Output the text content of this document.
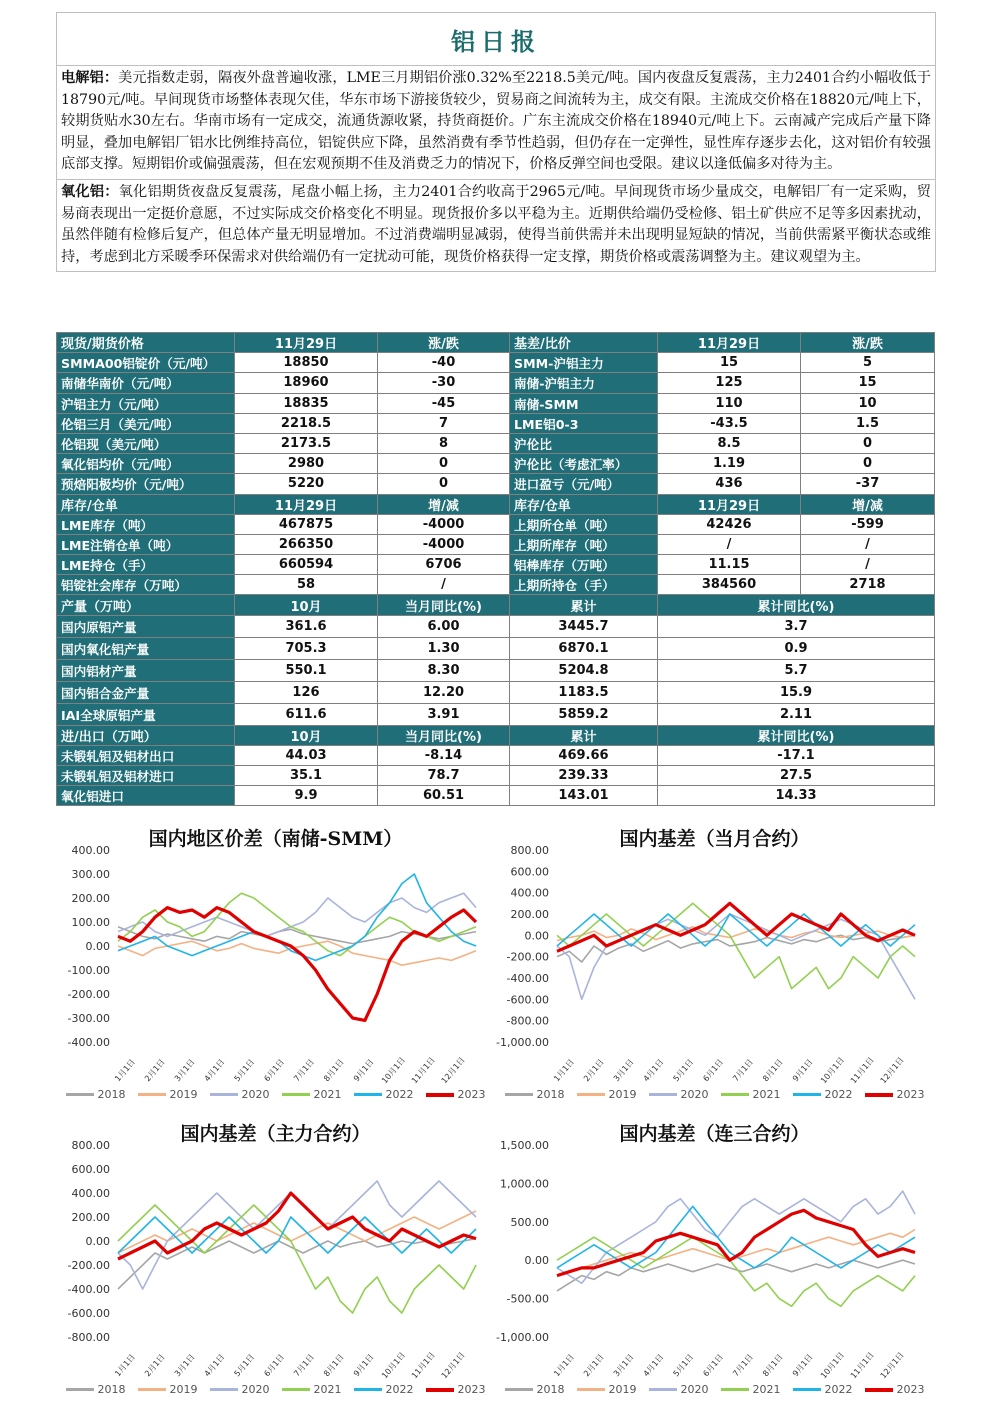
铝日报
电解铝：美元指数走弱，隔夜外盘普遍收涨，LME三月期铝价涨0.32%至2218.5美元/吨。国内夜盘反复震荡，主力2401合约小幅收低于18790元/吨。早间现货市场整体表现欠佳，华东市场下游接货较少，贸易商之间流转为主，成交有限。主流成交价格在18820元/吨上下，较期货贴水30左右。华南市场有一定成交，流通货源收紧，持货商挺价。广东主流成交价格在18940元/吨上下。云南减产完成后产量下降明显，叠加电解铝厂铝水比例维持高位，铝锭供应下降，虽然消费有季节性趋弱，但仍存在一定弹性，显性库存逐步去化，这对铝价有较强底部支撑。短期铝价或偏强震荡，但在宏观预期不佳及消费乏力的情况下，价格反弹空间也受限。建议以逢低偏多对待为主。
氧化铝：氧化铝期货夜盘反复震荡，尾盘小幅上扬，主力2401合约收高于2965元/吨。早间现货市场少量成交，电解铝厂有一定采购，贸易商表现出一定挺价意愿，不过实际成交价格变化不明显。现货报价多以平稳为主。近期供给端仍受检修、铝土矿供应不足等多因素扰动，虽然伴随有检修后复产，但总体产量无明显增加。不过消费端明显减弱，使得当前供需并未出现明显短缺的情况，当前供需紧平衡状态或维持，考虑到北方采暖季环保需求对供给端仍有一定扰动可能，现货价格获得一定支撑，期货价格或震荡调整为主。建议观望为主。
现货/期货价格	11月29日	涨/跌	基差/比价	11月29日	涨/跌
SMMA00铝锭价（元/吨）	18850	-40	SMM-沪铝主力	15	5
南储华南价（元/吨）	18960	-30	南储-沪铝主力	125	15
沪铝主力（元/吨）	18835	-45	南储-SMM	110	10
伦铝三月（美元/吨）	2218.5	7	LME铝0-3	-43.5	1.5
伦铝现（美元/吨）	2173.5	8	沪伦比	8.5	0
氧化铝均价（元/吨）	2980	0	沪伦比（考虑汇率）	1.19	0
预焙阳极均价（元/吨）	5220	0	进口盈亏（元/吨）	436	-37
库存/仓单	11月29日	增/减	库存/仓单	11月29日	增/减
LME库存（吨）	467875	-4000	上期所仓单（吨）	42426	-599
LME注销仓单（吨）	266350	-4000	上期所库存（吨）	/	/
LME持仓（手）	660594	6706	铝棒库存（万吨）	11.15	/
铝锭社会库存（万吨）	58	/	上期所持仓（手）	384560	2718
产量（万吨）	10月	当月同比(%)	累计	累计同比(%)	
国内原铝产量	361.6	6.00	3445.7	3.7	
国内氧化铝产量	705.3	1.30	6870.1	0.9	
国内铝材产量	550.1	8.30	5204.8	5.7	
国内铝合金产量	126	12.20	1183.5	15.9	
IAI全球原铝产量	611.6	3.91	5859.2	2.11	
进/出口（万吨）	10月	当月同比(%)	累计	累计同比(%)	
未锻轧铝及铝材出口	44.03	-8.14	469.66	-17.1	
未锻轧铝及铝材进口	35.1	78.7	239.33	27.5	
氧化铝进口	9.9	60.51	143.01	14.33	
400.00
300.00
200.00
100.00
0.00
-100.00
-200.00
-300.00
-400.00
1月1日 2月1日 3月1日 4月1日 5月1日 6月1日 7月1日 8月1日 9月1日 10月1日 11月1日 12月1日
国内地区价差（南储-SMM）
2018	2019	2020	2021	2022	2023
800.00
600.00
400.00
200.00
0.00
-200.00
-400.00
-600.00
-800.00
-1,000.00
1月1日 2月1日 3月1日 4月1日 5月1日 6月1日 7月1日 8月1日 9月1日 10月1日 11月1日 12月1日
国内基差（当月合约）
2018	2019	2020	2021	2022	2023
800.00
600.00
400.00
200.00
0.00
-200.00
-400.00
-600.00
-800.00
1月1日 2月1日 3月1日 4月1日 5月1日 6月1日 7月1日 8月1日 9月1日 10月1日 11月1日 12月1日
国内基差（主力合约）
2018	2019	2020	2021	2022	2023
1,500.00
1,000.00
500.00
0.00
-500.00
-1,000.00
1月1日 2月1日 3月1日 4月1日 5月1日 6月1日 7月1日 8月1日 9月1日 10月1日 11月1日 12月1日
国内基差（连三合约）
2018	2019	2020	2021	2022	2023
